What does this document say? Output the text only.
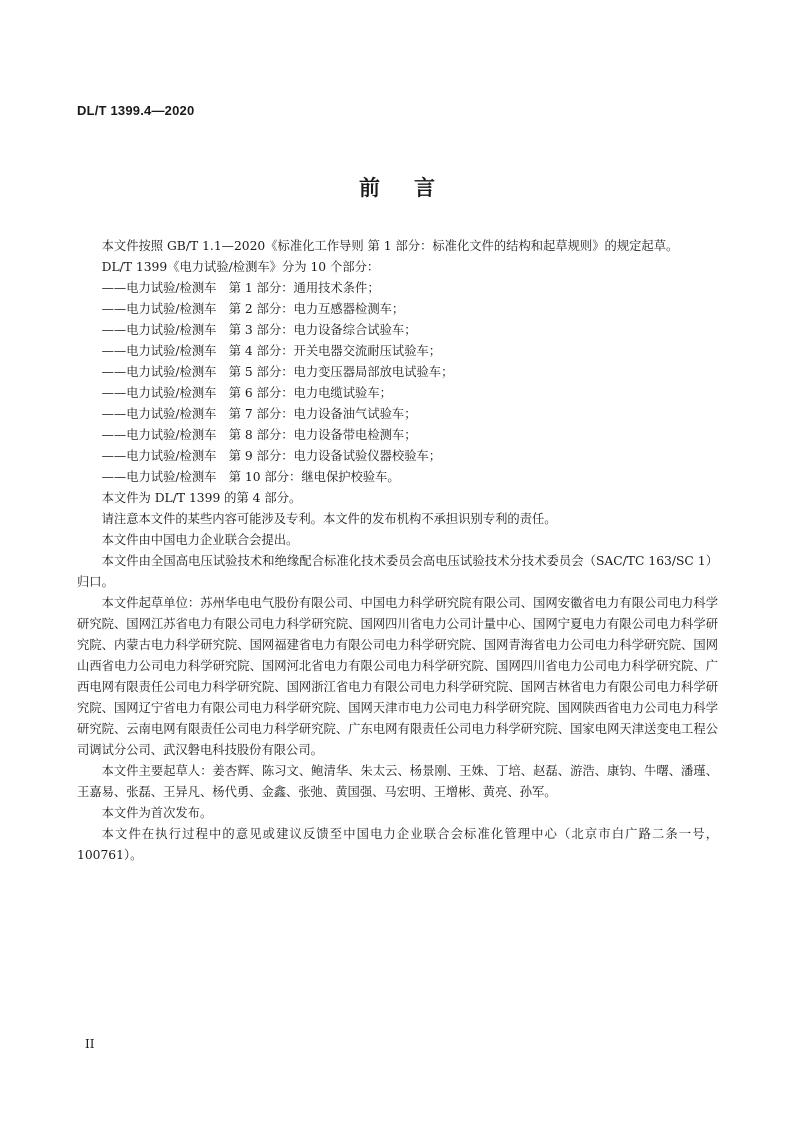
DL/T 1399.4—2020

前言

本文件按照 GB/T 1.1—2020《标准化工作导则 第 1 部分：标准化文件的结构和起草规则》的规定起草。

DL/T 1399《电力试验/检测车》分为 10 个部分：

——电力试验/检测车　第 1 部分：通用技术条件；
——电力试验/检测车　第 2 部分：电力互感器检测车；
——电力试验/检测车　第 3 部分：电力设备综合试验车；
——电力试验/检测车　第 4 部分：开关电器交流耐压试验车；
——电力试验/检测车　第 5 部分：电力变压器局部放电试验车；
——电力试验/检测车　第 6 部分：电力电缆试验车；
——电力试验/检测车　第 7 部分：电力设备油气试验车；
——电力试验/检测车　第 8 部分：电力设备带电检测车；
——电力试验/检测车　第 9 部分：电力设备试验仪器校验车；
——电力试验/检测车　第 10 部分：继电保护校验车。

本文件为 DL/T 1399 的第 4 部分。

请注意本文件的某些内容可能涉及专利。本文件的发布机构不承担识别专利的责任。

本文件由中国电力企业联合会提出。

本文件由全国高电压试验技术和绝缘配合标准化技术委员会高电压试验技术分技术委员会（SAC/TC 163/SC 1）归口。

本文件起草单位：苏州华电电气股份有限公司、中国电力科学研究院有限公司、国网安徽省电力有限公司电力科学研究院、国网江苏省电力有限公司电力科学研究院、国网四川省电力公司计量中心、国网宁夏电力有限公司电力科学研究院、内蒙古电力科学研究院、国网福建省电力有限公司电力科学研究院、国网青海省电力公司电力科学研究院、国网山西省电力公司电力科学研究院、国网河北省电力有限公司电力科学研究院、国网四川省电力公司电力科学研究院、广西电网有限责任公司电力科学研究院、国网浙江省电力有限公司电力科学研究院、国网吉林省电力有限公司电力科学研究院、国网辽宁省电力有限公司电力科学研究院、国网天津市电力公司电力科学研究院、国网陕西省电力公司电力科学研究院、云南电网有限责任公司电力科学研究院、广东电网有限责任公司电力科学研究院、国家电网天津送变电工程公司调试分公司、武汉磐电科技股份有限公司。

本文件主要起草人：姜杏辉、陈习文、鲍清华、朱太云、杨景刚、王姝、丁培、赵磊、游浩、康钧、牛曙、潘瑾、王嘉易、张磊、王异凡、杨代勇、金鑫、张弛、黄国强、马宏明、王增彬、黄亮、孙军。

本文件为首次发布。

本文件在执行过程中的意见或建议反馈至中国电力企业联合会标准化管理中心（北京市白广路二条一号，100761）。

II
